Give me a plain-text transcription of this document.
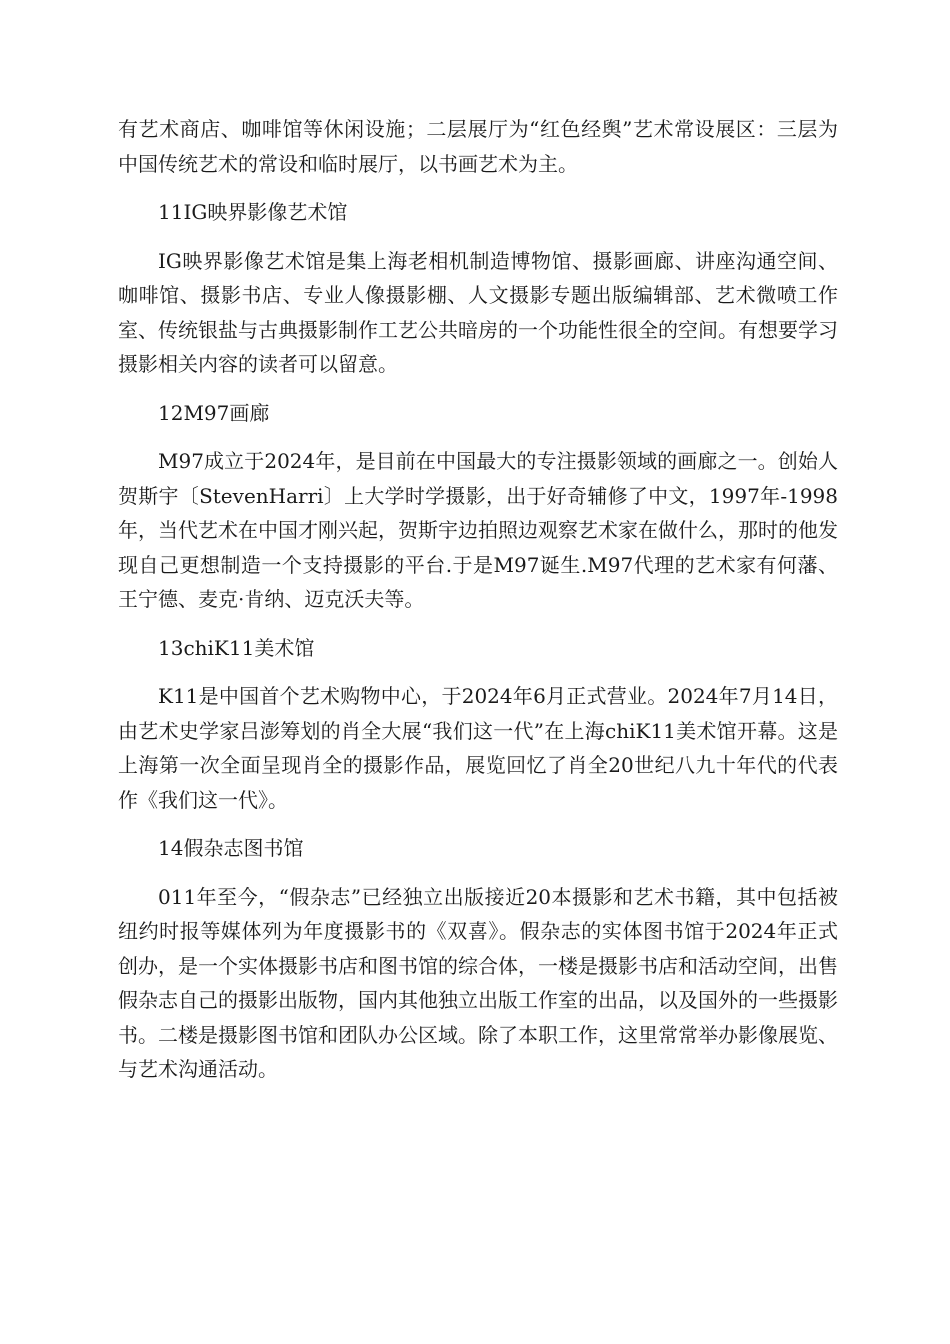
有艺术商店、咖啡馆等休闲设施；二层展厅为“红色经舆”艺术常设展区：三层为中国传统艺术的常设和临时展厅，以书画艺术为主。

11IG映界影像艺术馆

IG映界影像艺术馆是集上海老相机制造博物馆、摄影画廊、讲座沟通空间、咖啡馆、摄影书店、专业人像摄影棚、人文摄影专题出版编辑部、艺术微喷工作室、传统银盐与古典摄影制作工艺公共暗房的一个功能性很全的空间。有想要学习摄影相关内容的读者可以留意。

12M97画廊

M97成立于2024年，是目前在中国最大的专注摄影领域的画廊之一。创始人贺斯宇〔StevenHarri〕上大学时学摄影，出于好奇辅修了中文，1997年-1998年，当代艺术在中国才刚兴起，贺斯宇边拍照边观察艺术家在做什么，那时的他发现自己更想制造一个支持摄影的平台.于是M97诞生.M97代理的艺术家有何藩、王宁德、麦克·肯纳、迈克沃夫等。

13chiK11美术馆

K11是中国首个艺术购物中心，于2024年6月正式营业。2024年7月14日，由艺术史学家吕澎筹划的肖全大展“我们这一代”在上海chiK11美术馆开幕。这是上海第一次全面呈现肖全的摄影作品，展览回忆了肖全20世纪八九十年代的代表作《我们这一代》。

14假杂志图书馆

011年至今，“假杂志”已经独立出版接近20本摄影和艺术书籍，其中包括被纽约时报等媒体列为年度摄影书的《双喜》。假杂志的实体图书馆于2024年正式创办，是一个实体摄影书店和图书馆的综合体，一楼是摄影书店和活动空间，出售假杂志自己的摄影出版物，国内其他独立出版工作室的出品，以及国外的一些摄影书。二楼是摄影图书馆和团队办公区域。除了本职工作，这里常常举办影像展览、与艺术沟通活动。
